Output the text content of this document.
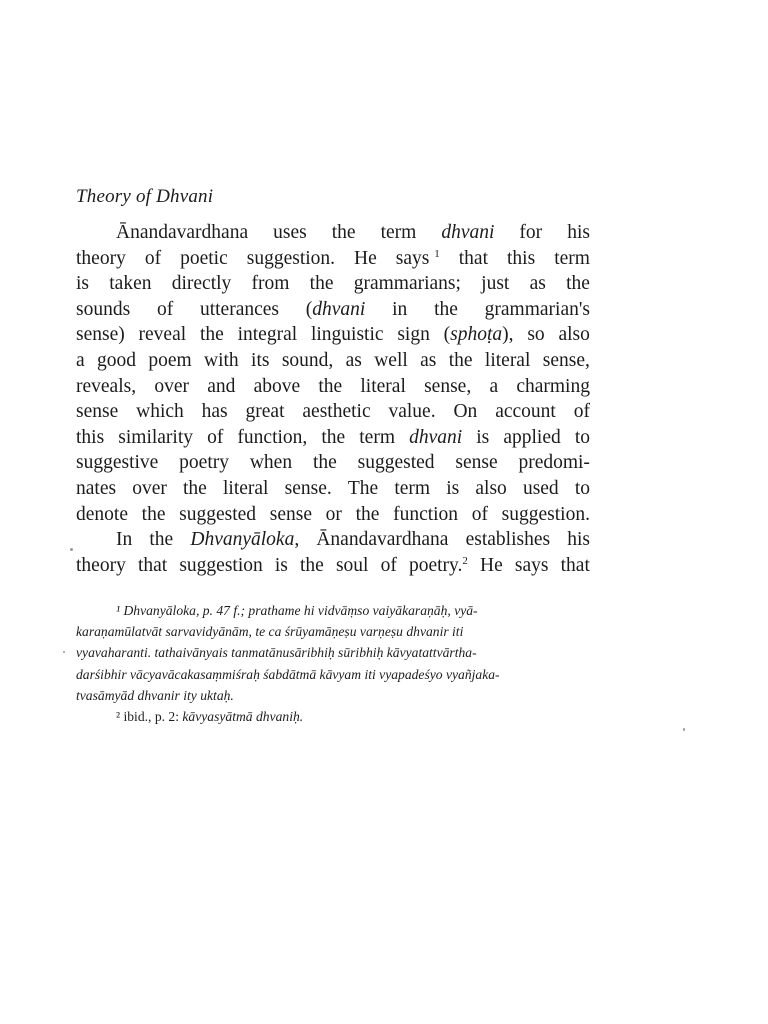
Theory of Dhvani
Ānandavardhana uses the term dhvani for his
theory of poetic suggestion. He says $^1$ that this term
is taken directly from the grammarians; just as the
sounds of utterances (dhvani in the grammarian's
sense) reveal the integral linguistic sign (sphoṭa), so also
a good poem with its sound, as well as the literal sense,
reveals, over and above the literal sense, a charming
sense which has great aesthetic value. On account of
this similarity of function, the term dhvani is applied to
suggestive poetry when the suggested sense predomi-
nates over the literal sense. The term is also used to
denote the suggested sense or the function of suggestion.
In the Dhvanyāloka, Ānandavardhana establishes his
theory that suggestion is the soul of poetry.$^2$ He says that
¹ Dhvanyāloka, p. 47 f.; prathame hi vidvāṃso vaiyākaraṇāḥ, vyā-
karaṇamūlatvāt sarvavidyānām, te ca śrūyamāṇeṣu varṇeṣu dhvanir iti
vyavaharanti. tathaivānyais tanmatānusāribhiḥ sūribhiḥ kāvyatattvārtha-
darśibhir vācyavācakasaṃmiśraḥ śabdātmā kāvyam iti vyapadeśyo vyañjaka-
tvasāmyād dhvanir ity uktaḥ.
² ibid., p. 2:
kāvyasyātmā dhvaniḥ.
